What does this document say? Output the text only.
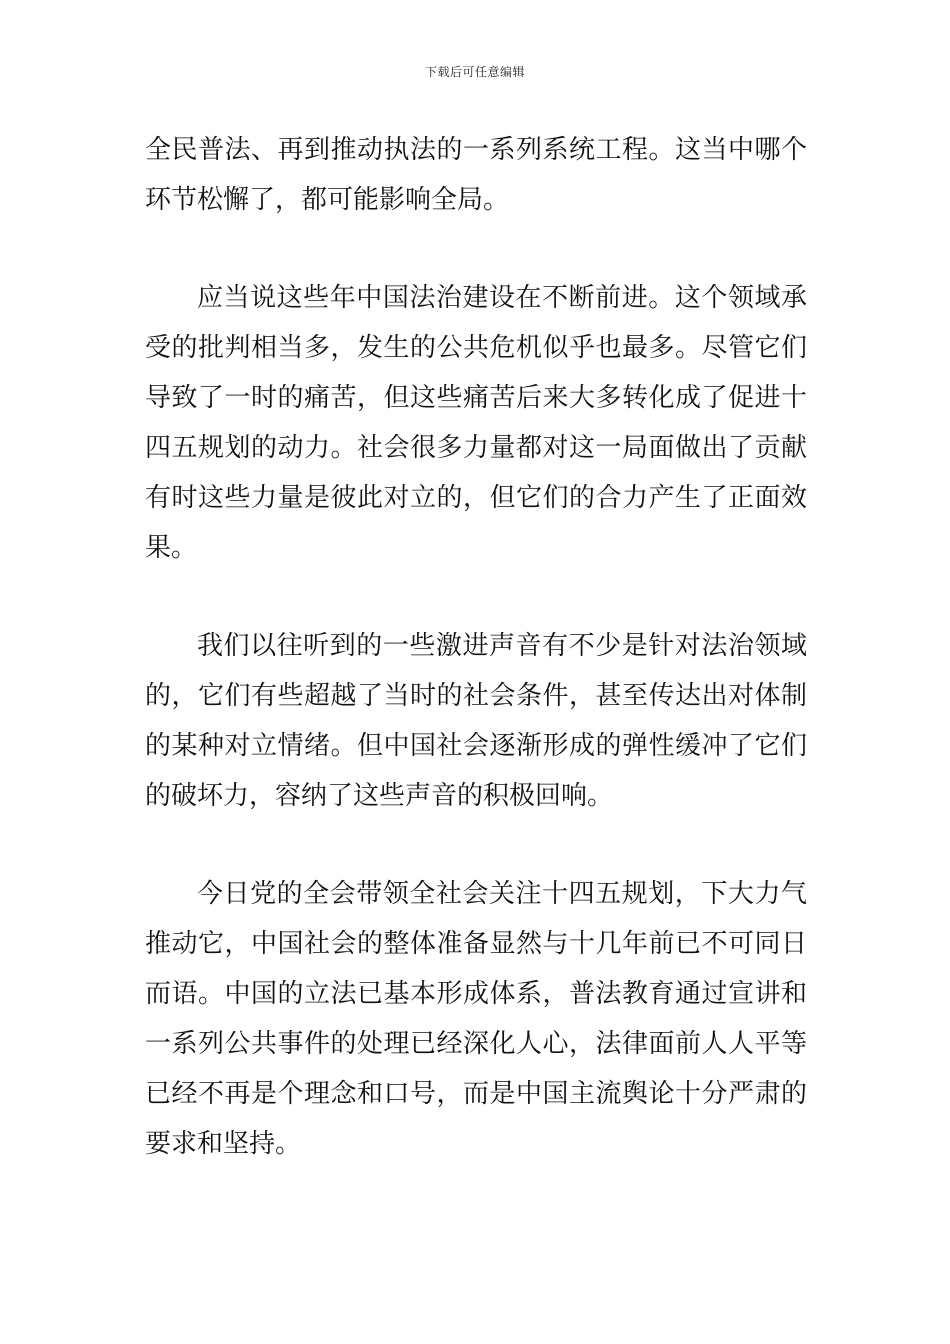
下载后可任意编辑

全民普法、再到推动执法的一系列系统工程。这当中哪个环节松懈了，都可能影响全局。

应当说这些年中国法治建设在不断前进。这个领域承受的批判相当多，发生的公共危机似乎也最多。尽管它们导致了一时的痛苦，但这些痛苦后来大多转化成了促进十四五规划的动力。社会很多力量都对这一局面做出了贡献有时这些力量是彼此对立的，但它们的合力产生了正面效果。

我们以往听到的一些激进声音有不少是针对法治领域的，它们有些超越了当时的社会条件，甚至传达出对体制的某种对立情绪。但中国社会逐渐形成的弹性缓冲了它们的破坏力，容纳了这些声音的积极回响。

今日党的全会带领全社会关注十四五规划，下大力气推动它，中国社会的整体准备显然与十几年前已不可同日而语。中国的立法已基本形成体系，普法教育通过宣讲和一系列公共事件的处理已经深化人心，法律面前人人平等已经不再是个理念和口号，而是中国主流舆论十分严肃的要求和坚持。
